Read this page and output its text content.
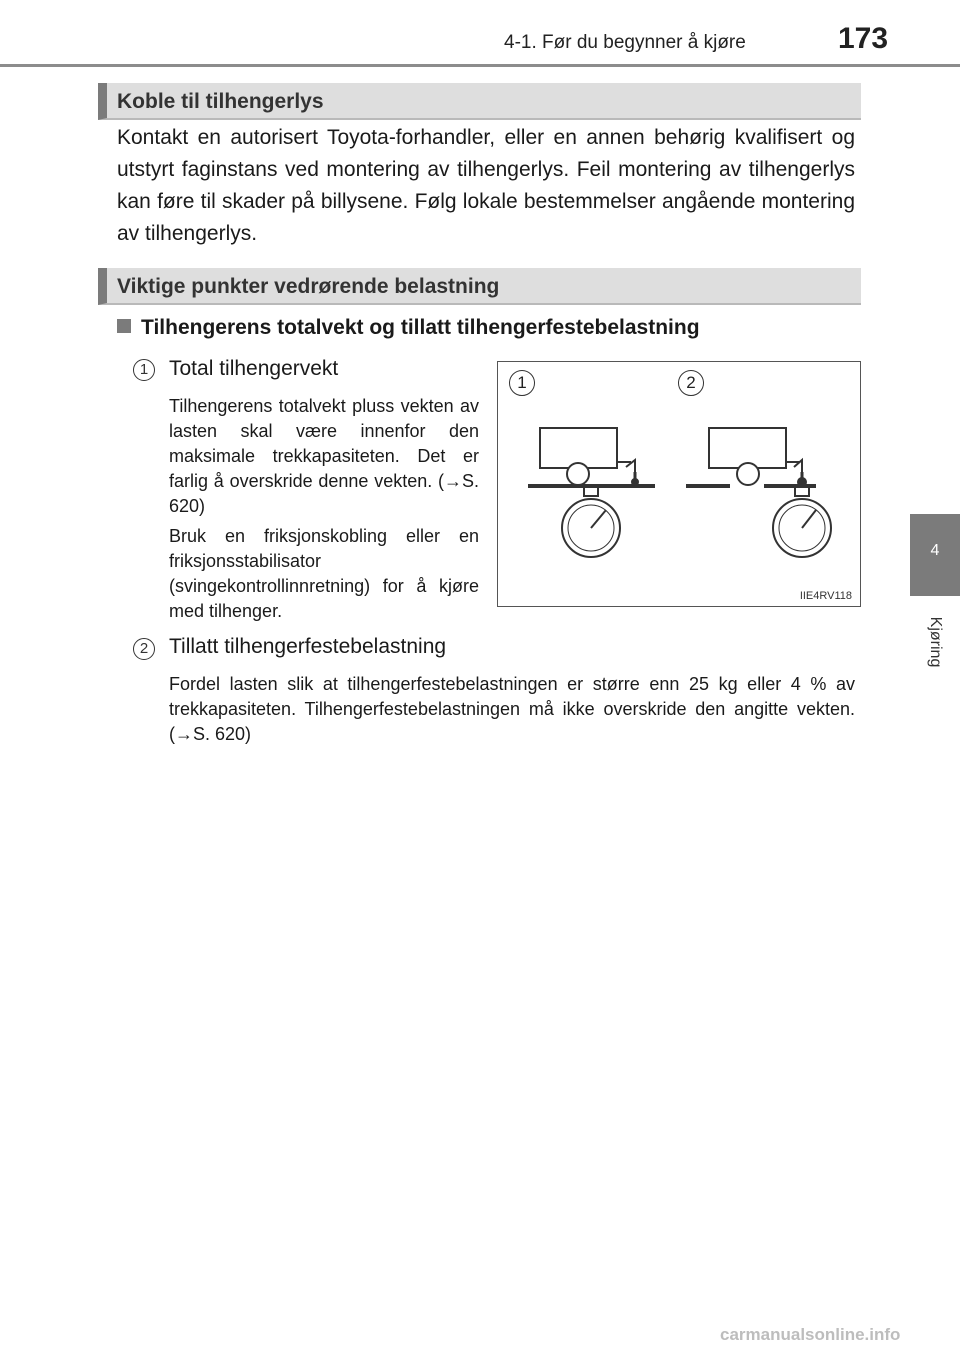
4-1. Før du begynner å kjøre	173
4
Kjøring
Koble til tilhengerlys
Kontakt en autorisert Toyota-forhandler, eller en annen behørig kvalifisert og utstyrt faginstans ved montering av tilhengerlys. Feil montering av tilhengerlys kan føre til skader på billysene. Følg lokale bestemmelser angående montering av tilhengerlys.
Viktige punkter vedrørende belastning
Tilhengerens totalvekt og tillatt tilhengerfestebelastning
1 Total tilhengervekt
Tilhengerens totalvekt pluss vekten av lasten skal være innenfor den maksimale trekkapasiteten. Det er farlig å overskride denne vekten. (→S. 620)
Bruk en friksjonskobling eller en friksjonsstabilisator (svingekontrollinnretning) for å kjøre med tilhenger.
2 Tillatt tilhengerfestebelastning
Fordel lasten slik at tilhengerfestebelastningen er større enn 25 kg eller 4 % av trekkapasiteten. Tilhengerfestebelastningen må ikke overskride den angitte vekten. (→S. 620)
1	2
IIE4RV118
carmanualsonline.info
